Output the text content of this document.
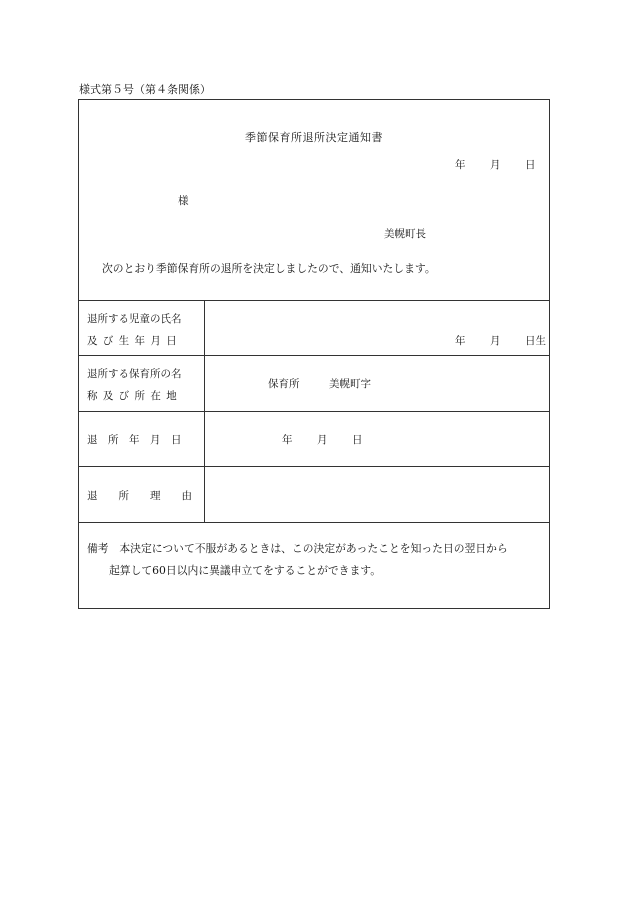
様式第５号（第４条関係）
季節保育所退所決定通知書
年 月 日
様
美幌町長
次のとおり季節保育所の退所を決定しましたので、通知いたします。
退所する児童の氏名
及 び 生 年 月 日	年 月 日生
退所する保育所の名
称 及 び 所 在 地
保育所	美幌町字
退　所　年　月　日	年 月 日
退　　所　　理　　由
備考　本決定について不服があるときは、この決定があったことを知った日の翌日から
起算して60日以内に異議申立てをすることができます。
